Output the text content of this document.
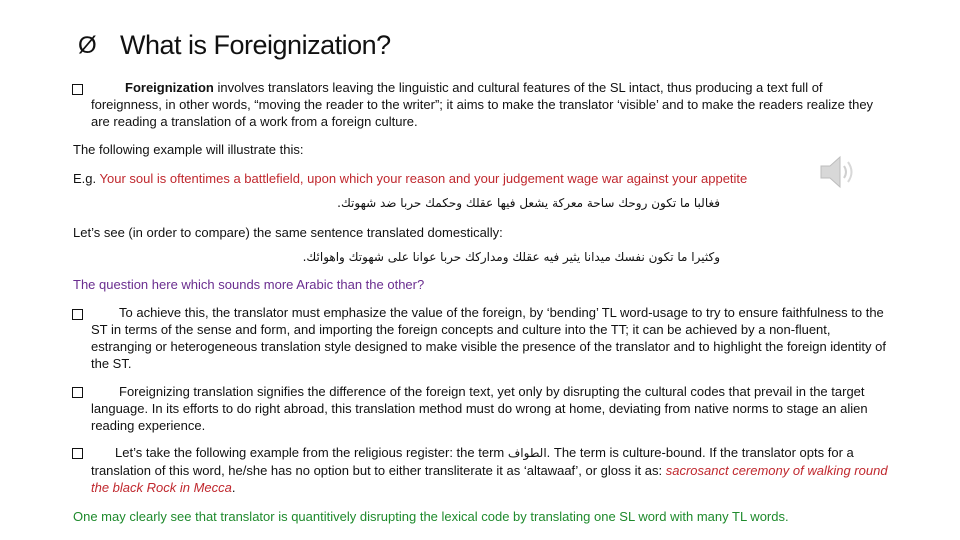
Ø What is Foreignization?
Foreignization involves translators leaving the linguistic and cultural features of the SL intact, thus producing a text full of foreignness, in other words, “moving the reader to the writer”; it aims to make the translator ‘visible’ and to make the readers realize they are reading a translation of a work from a foreign culture.
The following example will illustrate this:
E.g. Your soul is oftentimes a battlefield, upon which your reason and your judgement wage war against your appetite
فغالبا ما تكون روحك ساحة معركة يشعل فيها عقلك وحكمك حربا ضد شهوتك.
Let’s see (in order to compare) the same sentence translated domestically:
وكثيرا ما تكون نفسك ميدانا يثير فيه عقلك ومداركك حربا عوانا على شهوتك واهوائك.
The question here which sounds more Arabic than the other?
To achieve this, the translator must emphasize the value of the foreign, by ‘bending’ TL word-usage to try to ensure faithfulness to the ST in terms of the sense and form, and importing the foreign concepts and culture into the TT; it can be achieved by a non-fluent, estranging or heterogeneous translation style designed to make visible the presence of the translator and to highlight the foreign identity of the ST.
Foreignizing translation signifies the difference of the foreign text, yet only by disrupting the cultural codes that prevail in the target language. In its efforts to do right abroad, this translation method must do wrong at home, deviating from native norms to stage an alien reading experience.
Let’s take the following example from the religious register: the term الطواف. The term is culture-bound. If the translator opts for a translation of this word, he/she has no option but to either transliterate it as ‘altawaaf’, or gloss it as: sacrosanct ceremony of walking round the black Rock in Mecca.
One may clearly see that translator is quantitively disrupting the lexical code by translating one SL word with many TL words.
